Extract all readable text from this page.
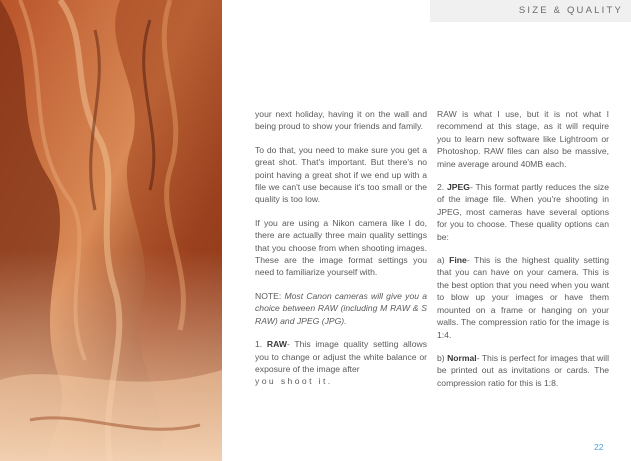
SIZE & QUALITY

your next holiday, having it on the wall and being proud to show your friends and family.

To do that, you need to make sure you get a great shot. That's important. But there's no point having a great shot if we end up with a file we can't use because it's too small or the quality is too low.

If you are using a Nikon camera like I do, there are actually three main quality settings that you choose from when shooting images. These are the image format settings you need to familiarize yourself with.

NOTE: Most Canon cameras will give you a choice between RAW (including M RAW & S RAW) and JPEG (JPG).

1. RAW- This image quality setting allows you to change or adjust the white balance or exposure of the image after
you shoot it.

RAW is what I use, but it is not what I recommend at this stage, as it will require you to learn new software like Lightroom or Photoshop. RAW files can also be massive, mine average around 40MB each.

2. JPEG- This format partly reduces the size of the image file. When you're shooting in JPEG, most cameras have several options for you to choose. These quality options can be:

a) Fine- This is the highest quality setting that you can have on your camera. This is the best option that you need when you want to blow up your images or have them mounted on a frame or hanging on your walls. The compression ratio for the image is 1:4.

b) Normal- This is perfect for images that will be printed out as invitations or cards. The compression ratio for this is 1:8.

22
